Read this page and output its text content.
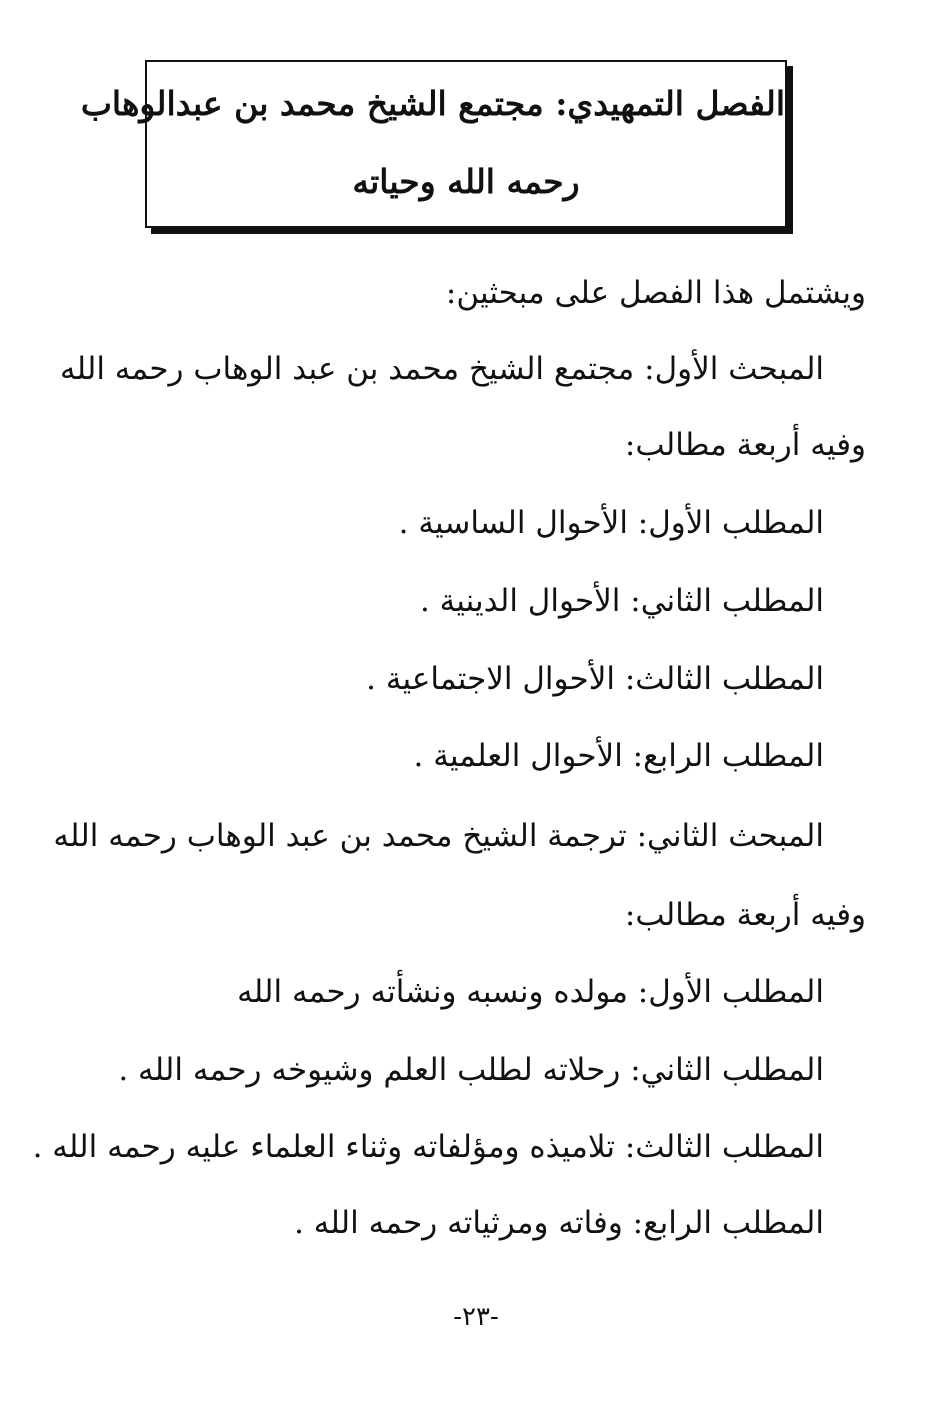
الفصل التمهيدي: مجتمع الشيخ محمد بن عبدالوهاب
رحمه الله وحياته
ويشتمل هذا الفصل على مبحثين:
المبحث الأول: مجتمع الشيخ محمد بن عبد الوهاب رحمه الله
وفيه أربعة مطالب:
المطلب الأول: الأحوال الساسية .
المطلب الثاني: الأحوال الدينية .
المطلب الثالث: الأحوال الاجتماعية .
المطلب الرابع: الأحوال العلمية .
المبحث الثاني: ترجمة الشيخ محمد بن عبد الوهاب رحمه الله
وفيه أربعة مطالب:
المطلب الأول: مولده ونسبه ونشأته رحمه الله
المطلب الثاني: رحلاته لطلب العلم وشيوخه رحمه الله .
المطلب الثالث: تلاميذه ومؤلفاته وثناء العلماء عليه رحمه الله .
المطلب الرابع: وفاته ومرثياته رحمه الله .
-٢٣-
